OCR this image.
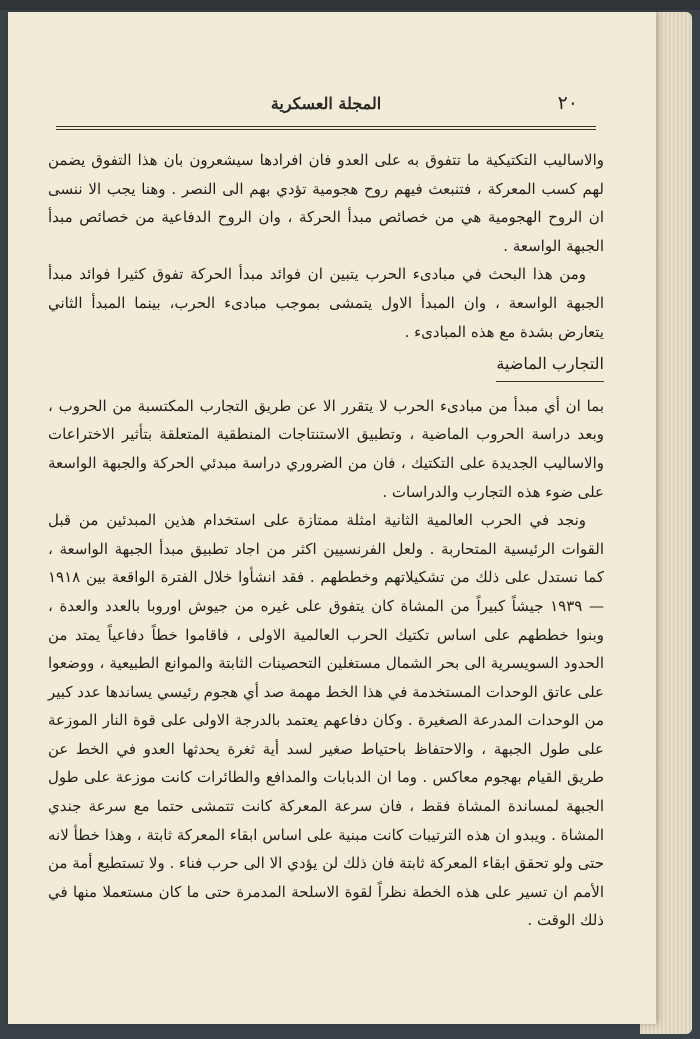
المجلة العسكرية	٢٠

والاساليب التكتيكية ما تتفوق به على العدو فان افرادها سيشعرون بان هذا التفوق يضمن لهم كسب المعركة ، فتنبعث فيهم روح هجومية تؤدي بهم الى النصر . وهنا يجب الا ننسى ان الروح الهجومية هي من خصائص مبدأ الحركة ، وان الروح الدفاعية من خصائص مبدأ الجبهة الواسعة .

ومن هذا البحث في مبادىء الحرب يتبين ان فوائد مبدأ الحركة تفوق كثيرا فوائد مبدأ الجبهة الواسعة ، وان المبدأ الاول يتمشى بموجب مبادىء الحرب، بينما المبدأ الثاني يتعارض بشدة مع هذه المبادىء .

التجارب الماضية

بما ان أي مبدأ من مبادىء الحرب لا يتقرر الا عن طريق التجارب المكتسبة من الحروب ، وبعد دراسة الحروب الماضية ، وتطبيق الاستنتاجات المنطقية المتعلقة بتأثير الاختراعات والاساليب الجديدة على التكتيك ، فان من الضروري دراسة مبدئي الحركة والجبهة الواسعة على ضوء هذه التجارب والدراسات .

ونجد في الحرب العالمية الثانية امثلة ممتازة على استخدام هذين المبدئين من قبل القوات الرئيسية المتحاربة . ولعل الفرنسيين اكثر من اجاد تطبيق مبدأ الجبهة الواسعة ، كما نستدل على ذلك من تشكيلاتهم وخططهم . فقد انشأوا خلال الفترة الواقعة بين ١٩١٨ — ١٩٣٩ جيشاً كبيراً من المشاة كان يتفوق على غيره من جيوش اوروبا بالعدد والعدة ، وبنوا خططهم على اساس تكتيك الحرب العالمية الاولى ، فاقاموا خطاً دفاعياً يمتد من الحدود السويسرية الى بحر الشمال مستغلين التحصينات الثابتة والموانع الطبيعية ، ووضعوا على عاتق الوحدات المستخدمة في هذا الخط مهمة صد أي هجوم رئيسي يساندها عدد كبير من الوحدات المدرعة الصغيرة . وكان دفاعهم يعتمد بالدرجة الاولى على قوة النار الموزعة على طول الجبهة ، والاحتفاظ باحتياط صغير لسد أية ثغرة يحدثها العدو في الخط عن طريق القيام بهجوم معاكس . وما ان الدبابات والمدافع والطائرات كانت موزعة على طول الجبهة لمساندة المشاة فقط ، فان سرعة المعركة كانت تتمشى حتما مع سرعة جندي المشاة . ويبدو ان هذه الترتيبات كانت مبنية على اساس ابقاء المعركة ثابتة ، وهذا خطأ لانه حتى ولو تحقق ابقاء المعركة ثابتة فان ذلك لن يؤدي الا الى حرب فناء . ولا تستطيع أمة من الأمم ان تسير على هذه الخطة نظراً لقوة الاسلحة المدمرة حتى ما كان مستعملا منها في ذلك الوقت .
